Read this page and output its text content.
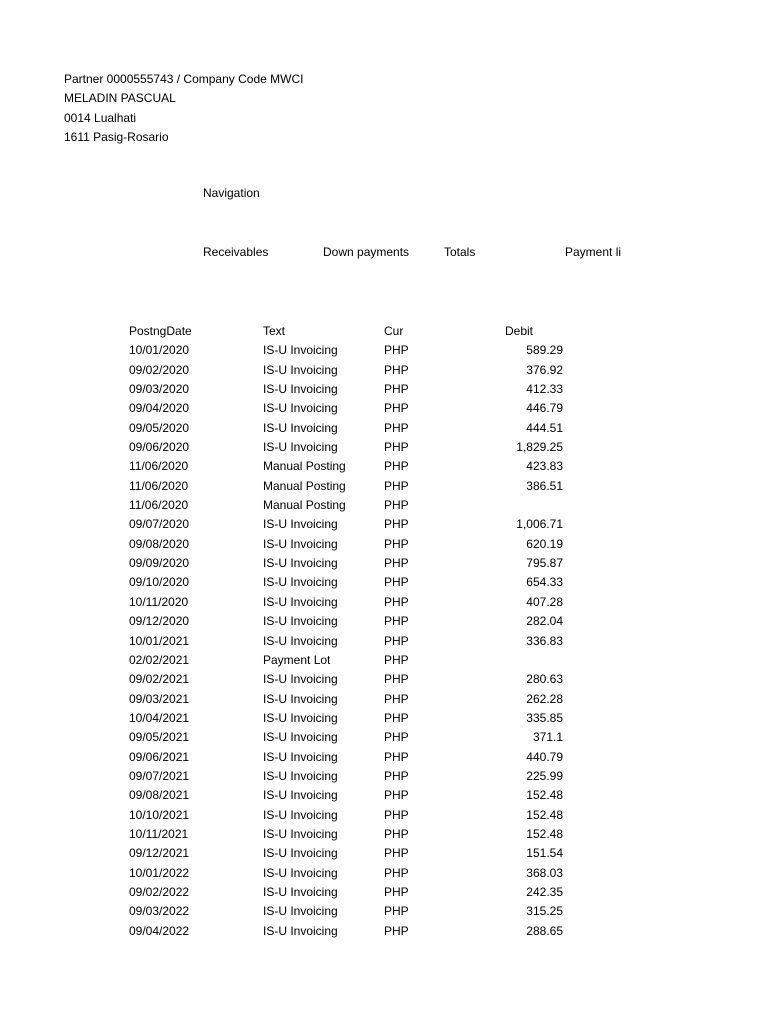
Partner 0000555743 / Company Code MWCI
MELADIN PASCUAL
0014 Lualhati
1611 Pasig-Rosario
Navigation
Receivables	Down payments	Totals	Payment li
PostngDate	Text	Cur	Debit
10/01/2020	IS-U Invoicing	PHP	589.29
09/02/2020	IS-U Invoicing	PHP	376.92
09/03/2020	IS-U Invoicing	PHP	412.33
09/04/2020	IS-U Invoicing	PHP	446.79
09/05/2020	IS-U Invoicing	PHP	444.51
09/06/2020	IS-U Invoicing	PHP	1,829.25
11/06/2020	Manual Posting	PHP	423.83
11/06/2020	Manual Posting	PHP	386.51
11/06/2020	Manual Posting	PHP
09/07/2020	IS-U Invoicing	PHP	1,006.71
09/08/2020	IS-U Invoicing	PHP	620.19
09/09/2020	IS-U Invoicing	PHP	795.87
09/10/2020	IS-U Invoicing	PHP	654.33
10/11/2020	IS-U Invoicing	PHP	407.28
09/12/2020	IS-U Invoicing	PHP	282.04
10/01/2021	IS-U Invoicing	PHP	336.83
02/02/2021	Payment Lot	PHP
09/02/2021	IS-U Invoicing	PHP	280.63
09/03/2021	IS-U Invoicing	PHP	262.28
10/04/2021	IS-U Invoicing	PHP	335.85
09/05/2021	IS-U Invoicing	PHP	371.1
09/06/2021	IS-U Invoicing	PHP	440.79
09/07/2021	IS-U Invoicing	PHP	225.99
09/08/2021	IS-U Invoicing	PHP	152.48
10/10/2021	IS-U Invoicing	PHP	152.48
10/11/2021	IS-U Invoicing	PHP	152.48
09/12/2021	IS-U Invoicing	PHP	151.54
10/01/2022	IS-U Invoicing	PHP	368.03
09/02/2022	IS-U Invoicing	PHP	242.35
09/03/2022	IS-U Invoicing	PHP	315.25
09/04/2022	IS-U Invoicing	PHP	288.65
